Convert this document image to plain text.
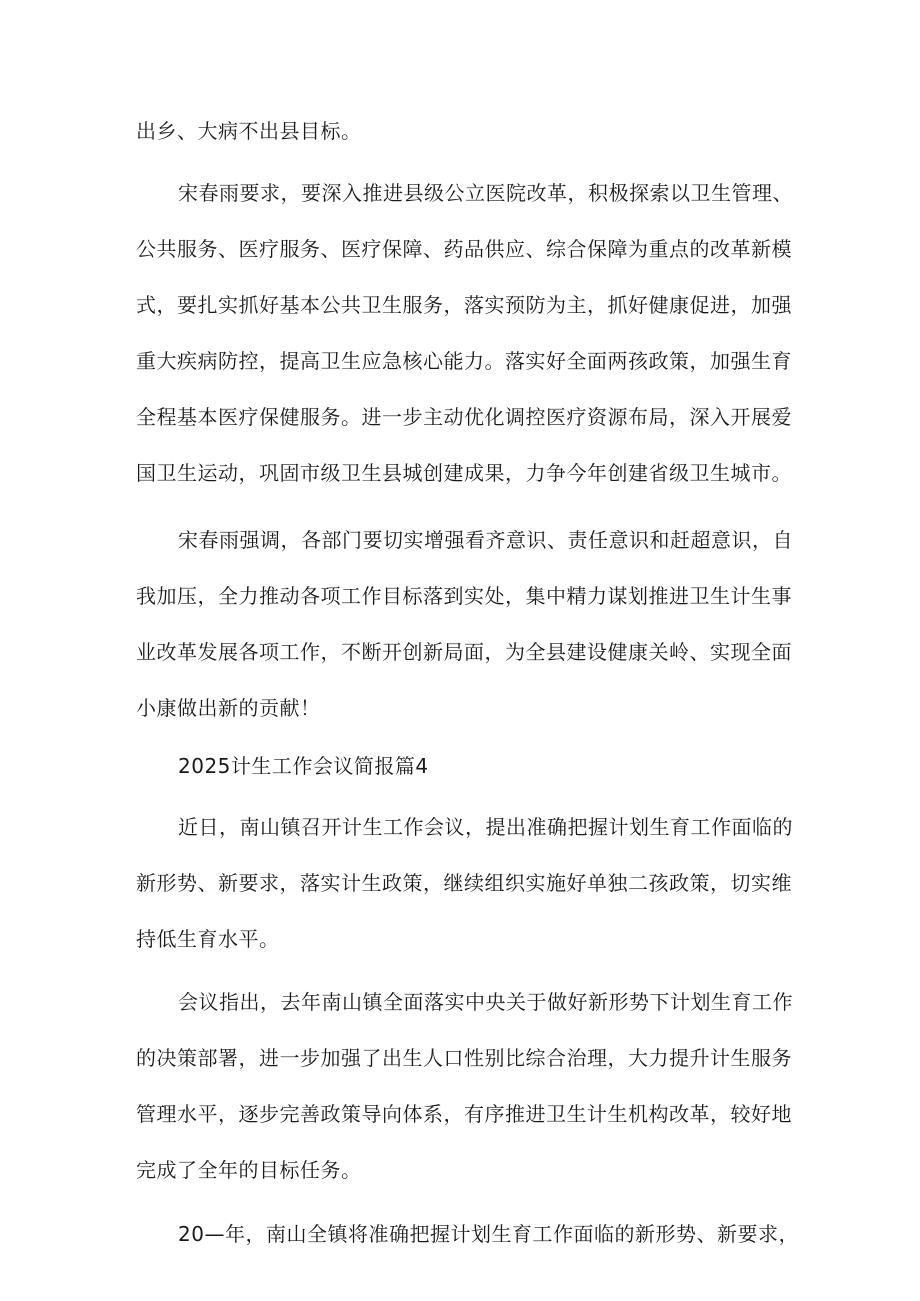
出乡、大病不出县目标。
宋春雨要求，要深入推进县级公立医院改革，积极探索以卫生管理、
公共服务、医疗服务、医疗保障、药品供应、综合保障为重点的改革新模
式，要扎实抓好基本公共卫生服务，落实预防为主，抓好健康促进，加强
重大疾病防控，提高卫生应急核心能力。落实好全面两孩政策，加强生育
全程基本医疗保健服务。进一步主动优化调控医疗资源布局，深入开展爱
国卫生运动，巩固市级卫生县城创建成果，力争今年创建省级卫生城市。
宋春雨强调，各部门要切实增强看齐意识、责任意识和赶超意识，自
我加压，全力推动各项工作目标落到实处，集中精力谋划推进卫生计生事
业改革发展各项工作，不断开创新局面，为全县建设健康关岭、实现全面
小康做出新的贡献！
2025计生工作会议简报篇4
近日，南山镇召开计生工作会议，提出准确把握计划生育工作面临的
新形势、新要求，落实计生政策，继续组织实施好单独二孩政策，切实维
持低生育水平。
会议指出，去年南山镇全面落实中央关于做好新形势下计划生育工作
的决策部署，进一步加强了出生人口性别比综合治理，大力提升计生服务
管理水平，逐步完善政策导向体系，有序推进卫生计生机构改革，较好地
完成了全年的目标任务。
20—年，南山全镇将准确把握计划生育工作面临的新形势、新要求，
